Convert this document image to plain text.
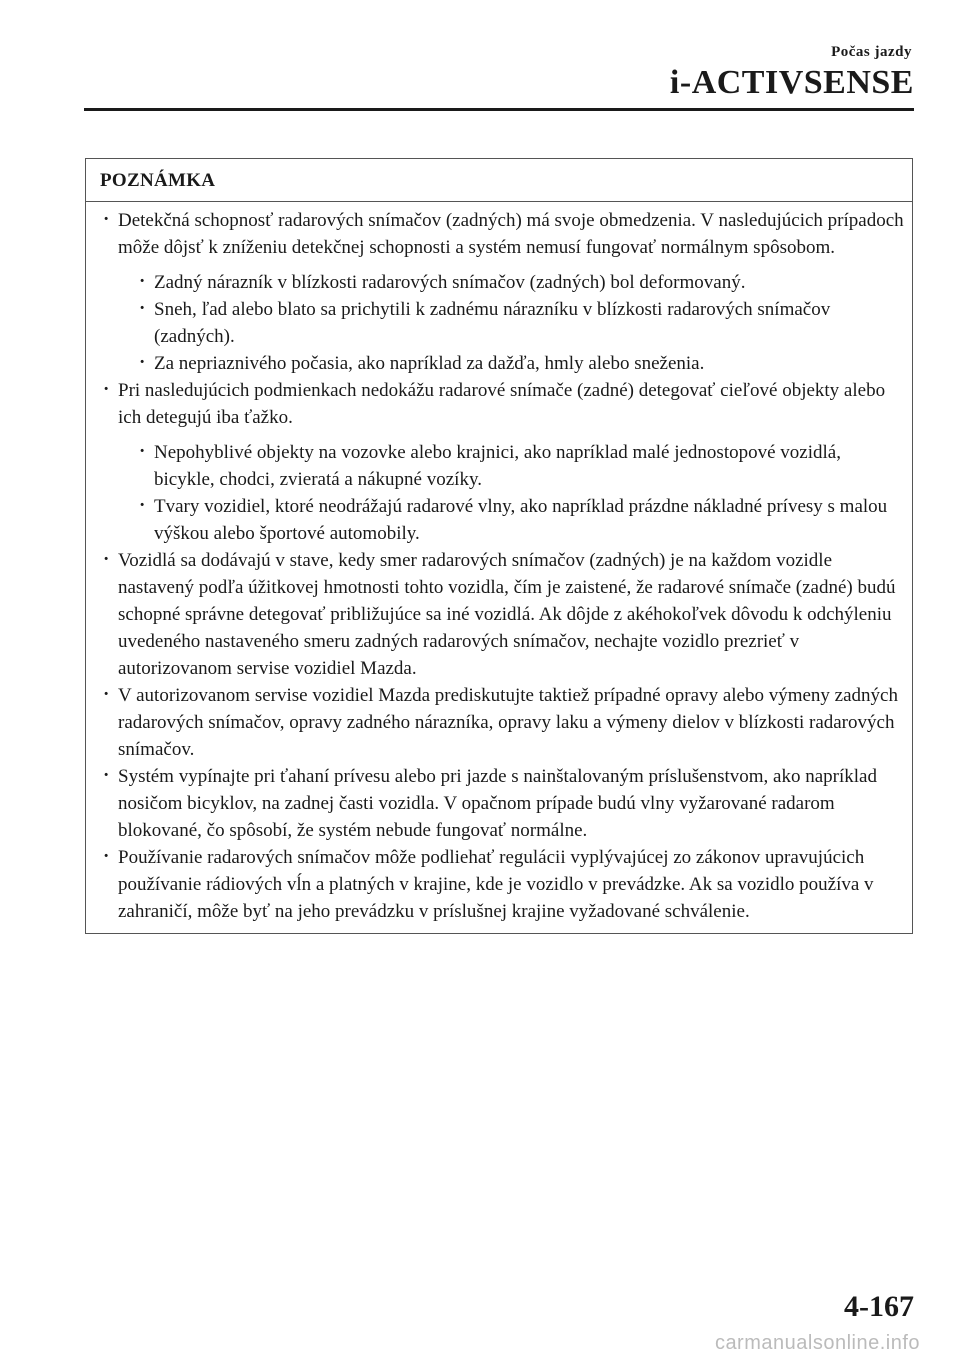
Počas jazdy
i-ACTIVSENSE
POZNÁMKA
· Detekčná schopnosť radarových snímačov (zadných) má svoje obmedzenia. V nasledujúcich prípadoch môže dôjsť k zníženiu detekčnej schopnosti a systém nemusí fungovať normálnym spôsobom.
· Zadný nárazník v blízkosti radarových snímačov (zadných) bol deformovaný.
· Sneh, ľad alebo blato sa prichytili k zadnému nárazníku v blízkosti radarových snímačov (zadných).
· Za nepriaznivého počasia, ako napríklad za dažďa, hmly alebo sneženia.
· Pri nasledujúcich podmienkach nedokážu radarové snímače (zadné) detegovať cieľové objekty alebo ich detegujú iba ťažko.
· Nepohyblivé objekty na vozovke alebo krajnici, ako napríklad malé jednostopové vozidlá, bicykle, chodci, zvieratá a nákupné vozíky.
· Tvary vozidiel, ktoré neodrážajú radarové vlny, ako napríklad prázdne nákladné prívesy s malou výškou alebo športové automobily.
· Vozidlá sa dodávajú v stave, kedy smer radarových snímačov (zadných) je na každom vozidle nastavený podľa úžitkovej hmotnosti tohto vozidla, čím je zaistené, že radarové snímače (zadné) budú schopné správne detegovať približujúce sa iné vozidlá. Ak dôjde z akéhokoľvek dôvodu k odchýleniu uvedeného nastaveného smeru zadných radarových snímačov, nechajte vozidlo prezrieť v autorizovanom servise vozidiel Mazda.
· V autorizovanom servise vozidiel Mazda prediskutujte taktiež prípadné opravy alebo výmeny zadných radarových snímačov, opravy zadného nárazníka, opravy laku a výmeny dielov v blízkosti radarových snímačov.
· Systém vypínajte pri ťahaní prívesu alebo pri jazde s nainštalovaným príslušenstvom, ako napríklad nosičom bicyklov, na zadnej časti vozidla. V opačnom prípade budú vlny vyžarované radarom blokované, čo spôsobí, že systém nebude fungovať normálne.
· Používanie radarových snímačov môže podliehať regulácii vyplývajúcej zo zákonov upravujúcich používanie rádiových vĺn a platných v krajine, kde je vozidlo v prevádzke. Ak sa vozidlo používa v zahraničí, môže byť na jeho prevádzku v príslušnej krajine vyžadované schválenie.
4-167
carmanualsonline.info
